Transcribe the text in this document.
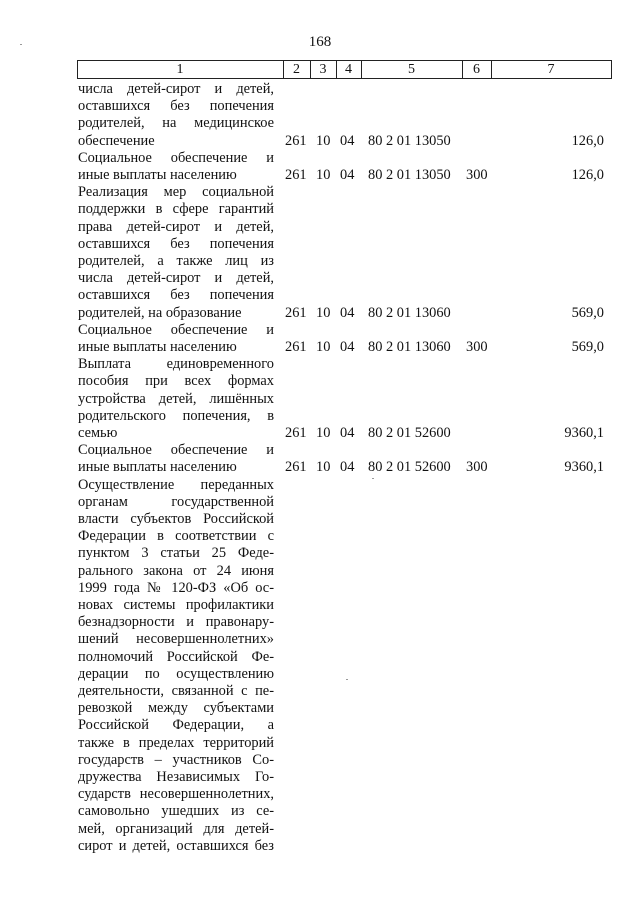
168
1	2	3	4	5	6	7

числа детей-сирот и детей,
оставшихся без попечения
родителей, на медицинское
обеспечение	261 10 04 80 2 01 13050	126,0

Социальное обеспечение и
иные выплаты населению	261 10 04 80 2 01 13050 300	126,0

Реализация мер социальной
поддержки в сфере гарантий
права детей-сирот и детей,
оставшихся без попечения
родителей, а также лиц из
числа детей-сирот и детей,
оставшихся без попечения
родителей, на образование	261 10 04 80 2 01 13060	569,0

Социальное обеспечение и
иные выплаты населению	261 10 04 80 2 01 13060 300	569,0

Выплата единовременного
пособия при всех формах
устройства детей, лишённых
родительского попечения, в
семью	261 10 04 80 2 01 52600	9360,1

Социальное обеспечение и
иные выплаты населению	261 10 04 80 2 01 52600 300	9360,1

Осуществление переданных
органам государственной
власти субъектов Российской
Федерации в соответствии с
пунктом 3 статьи 25 Феде-
рального закона от 24 июня
1999 года № 120-ФЗ «Об ос-
новах системы профилактики
безнадзорности и правонару-
шений несовершеннолетних»
полномочий Российской Фе-
дерации по осуществлению
деятельности, связанной с пе-
ревозкой между субъектами
Российской Федерации, а
также в пределах территорий
государств – участников Со-
дружества Независимых Го-
сударств несовершеннолетних,
самовольно ушедших из се-
мей, организаций для детей-
сирот и детей, оставшихся без
